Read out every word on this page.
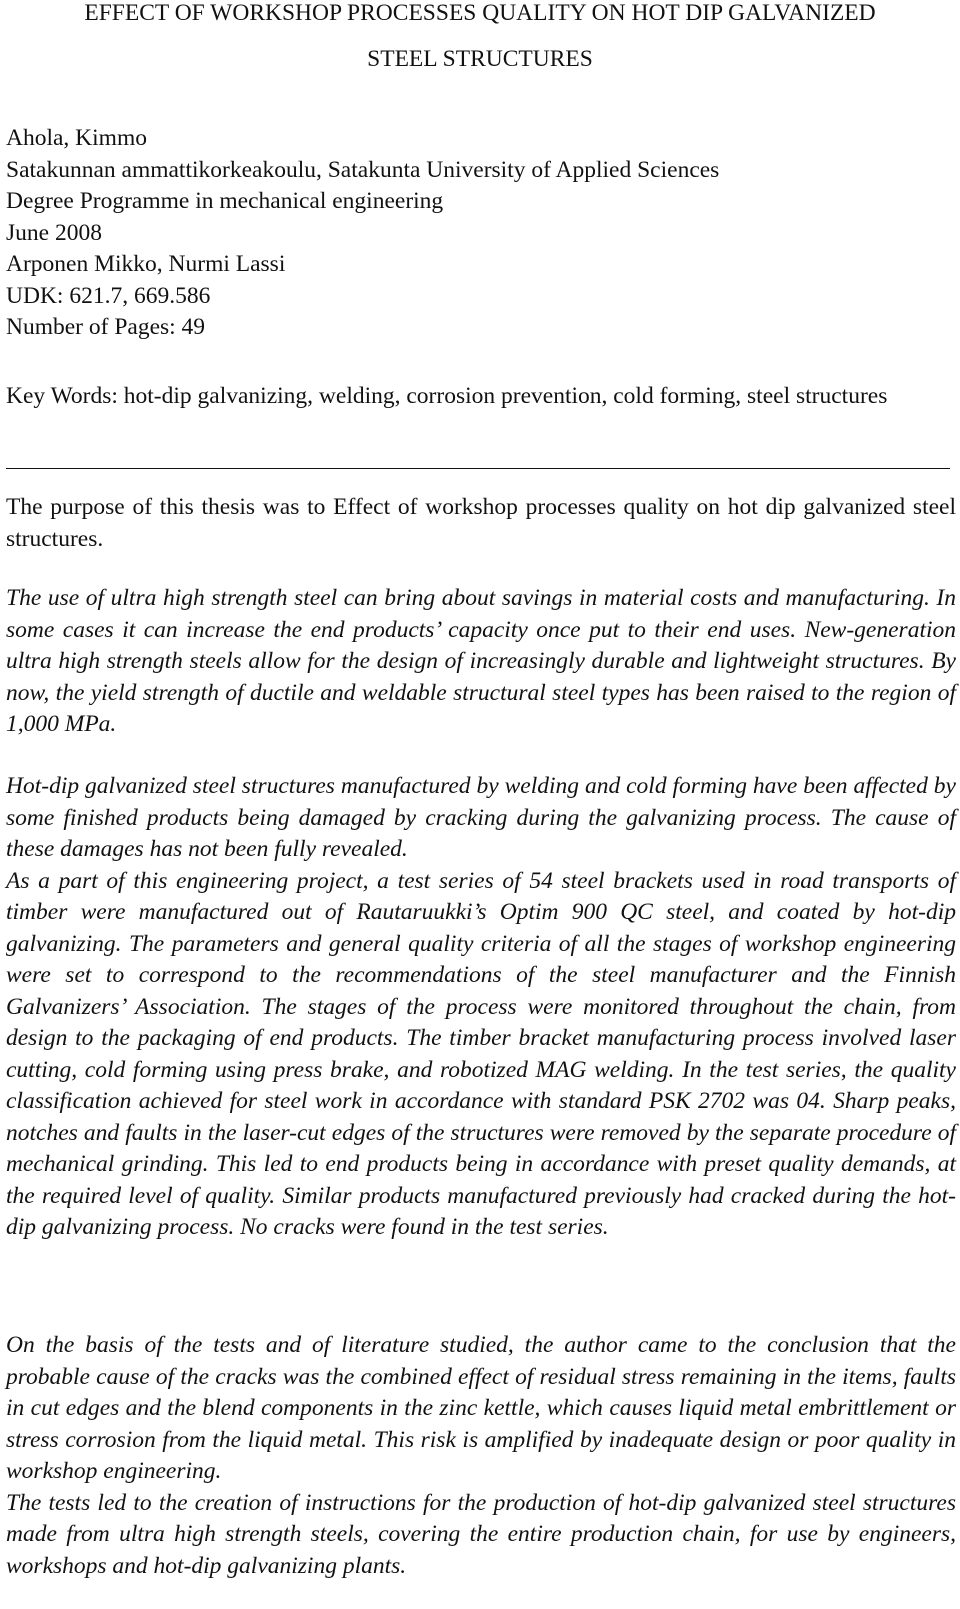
EFFECT OF WORKSHOP PROCESSES QUALITY ON HOT DIP GALVANIZED
STEEL STRUCTURES
Ahola, Kimmo
Satakunnan ammattikorkeakoulu, Satakunta University of Applied Sciences
Degree Programme in mechanical engineering
June 2008
Arponen Mikko, Nurmi Lassi
UDK: 621.7, 669.586
Number of Pages: 49
Key Words: hot-dip galvanizing, welding, corrosion prevention, cold forming, steel structures
The purpose of this thesis was to Effect of workshop processes quality on hot dip galvanized steel structures.

The use of ultra high strength steel can bring about savings in material costs and manufacturing. In some cases it can increase the end products’ capacity once put to their end uses. New-generation ultra high strength steels allow for the design of increasingly durable and lightweight structures. By now, the yield strength of ductile and weldable structural steel types has been raised to the region of 1,000 MPa.

Hot-dip galvanized steel structures manufactured by welding and cold forming have been affected by some finished products being damaged by cracking during the galvanizing process. The cause of these damages has not been fully revealed.

As a part of this engineering project, a test series of 54 steel brackets used in road transports of timber were manufactured out of Rautaruukki’s Optim 900 QC steel, and coated by hot-dip galvanizing. The parameters and general quality criteria of all the stages of workshop engineering were set to correspond to the recommendations of the steel manufacturer and the Finnish Galvanizers’ Association. The stages of the process were monitored throughout the chain, from design to the packaging of end products. The timber bracket manufacturing process involved laser cutting, cold forming using press brake, and robotized MAG welding. In the test series, the quality classification achieved for steel work in accordance with standard PSK 2702 was 04. Sharp peaks, notches and faults in the laser-cut edges of the structures were removed by the separate procedure of mechanical grinding. This led to end products being in accordance with preset quality demands, at the required level of quality. Similar products manufactured previously had cracked during the hot-dip galvanizing process. No cracks were found in the test series.

On the basis of the tests and of literature studied, the author came to the conclusion that the probable cause of the cracks was the combined effect of residual stress remaining in the items, faults in cut edges and the blend components in the zinc kettle, which causes liquid metal embrittlement or stress corrosion from the liquid metal. This risk is amplified by inadequate design or poor quality in workshop engineering.

The tests led to the creation of instructions for the production of hot-dip galvanized steel structures made from ultra high strength steels, covering the entire production chain, for use by engineers, workshops and hot-dip galvanizing plants.
